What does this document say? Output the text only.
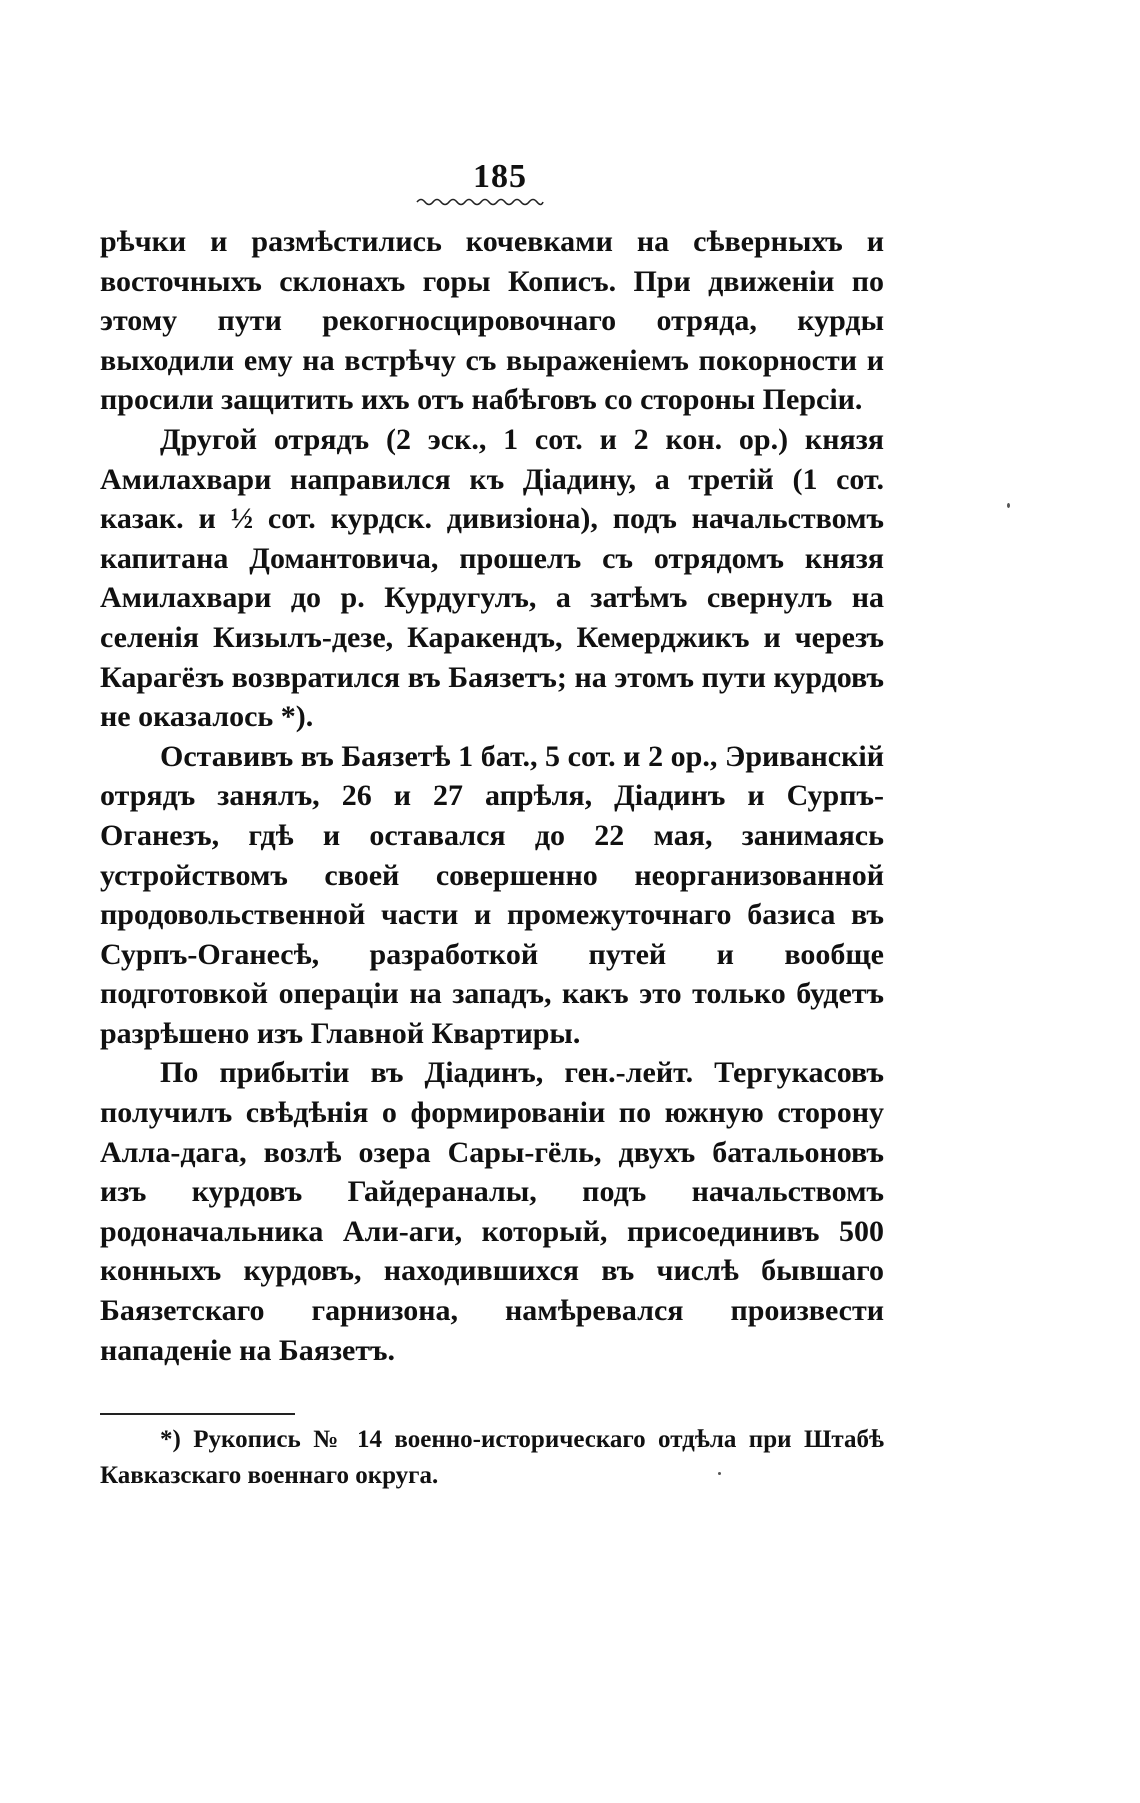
185

рѣчки и размѣстились кочевками на сѣверныхъ и восточныхъ склонахъ горы Кописъ. При движеніи по этому пути рекогносцировочнаго отряда, курды выходили ему на встрѣчу съ выраженіемъ покорности и просили защитить ихъ отъ набѣговъ со стороны Персіи.

Другой отрядъ (2 эск., 1 сот. и 2 кон. ор.) князя Амилахвари направился къ Діадину, а третій (1 сот. казак. и ½ сот. курдск. дивизіона), подъ начальствомъ капитана Домантовича, прошелъ съ отрядомъ князя Амилахвари до р. Курдугулъ, а затѣмъ свернулъ на селенія Кизылъ-дезе, Каракендъ, Кемерджикъ и черезъ Карагёзъ возвратился въ Баязетъ; на этомъ пути курдовъ не оказалось *).

Оставивъ въ Баязетѣ 1 бат., 5 сот. и 2 ор., Эриванскій отрядъ занялъ, 26 и 27 апрѣля, Діадинъ и Сурпъ-Оганезъ, гдѣ и оставался до 22 мая, занимаясь устройствомъ своей совершенно неорганизованной продовольственной части и промежуточнаго базиса въ Сурпъ-Оганесѣ, разработкой путей и вообще подготовкой операціи на западъ, какъ это только будетъ разрѣшено изъ Главной Квартиры.

По прибытіи въ Діадинъ, ген.-лейт. Тергукасовъ получилъ свѣдѣнія о формированіи по южную сторону Алла-дага, возлѣ озера Сары-гёль, двухъ батальоновъ изъ курдовъ Гайдераналы, подъ начальствомъ родоначальника Али-аги, который, присоединивъ 500 конныхъ курдовъ, находившихся въ числѣ бывшаго Баязетскаго гарнизона, намѣревался произвести нападеніе на Баязетъ.

*) Рукопись № 14 военно-историческаго отдѣла при Штабѣ Кавказскаго военнаго округа.
